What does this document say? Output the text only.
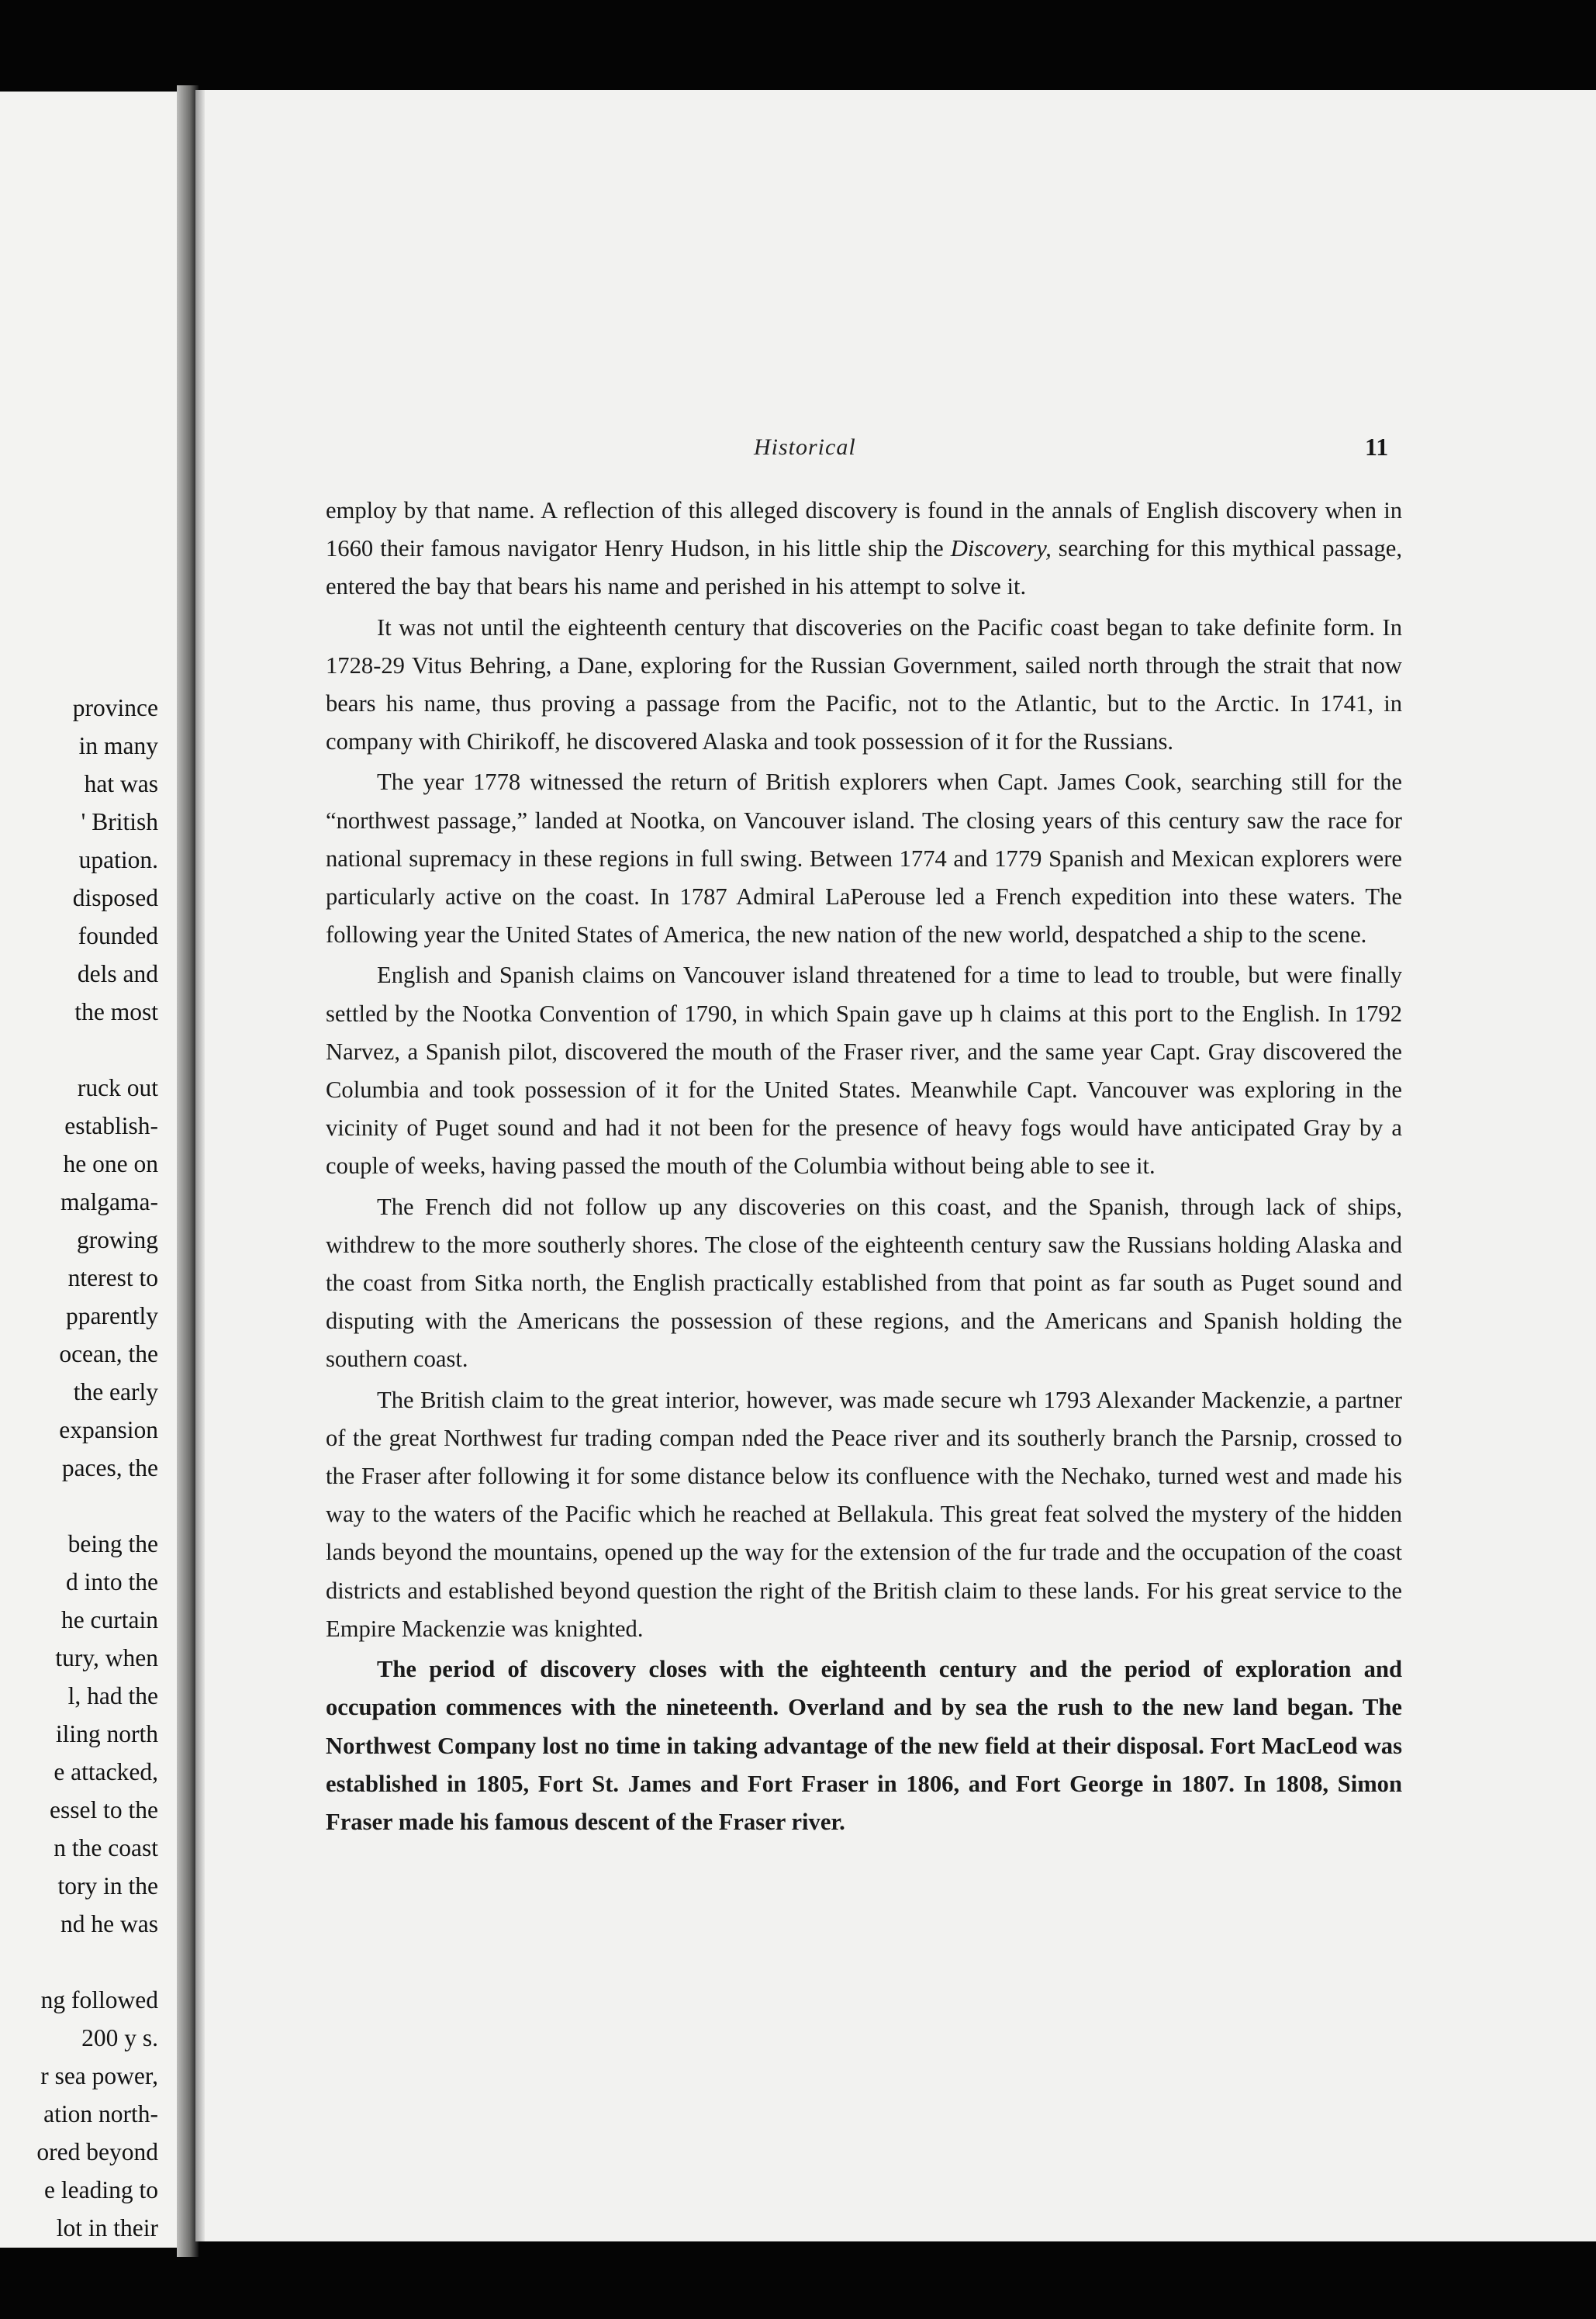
province
in many
hat was
' British
upation.
disposed
founded
dels and
the most
ruck out
establish-
he one on
malgama-
growing
nterest to
pparently
ocean, the
the early
expansion
paces, the
being the
d into the
he curtain
tury, when
l, had the
iling north
e attacked,
essel to the
n the coast
tory in the
nd he was
ng followed
200 y s.
r sea power,
ation north-
ored beyond
e leading to
lot in their
Historical	11

employ by that name. A reflection of this alleged discovery is found in the annals of English discovery when in 1660 their famous navigator Henry Hudson, in his little ship the Discovery, searching for this mythical passage, entered the bay that bears his name and perished in his attempt to solve it.

It was not until the eighteenth century that discoveries on the Pacific coast began to take definite form. In 1728-29 Vitus Behring, a Dane, exploring for the Russian Government, sailed north through the strait that now bears his name, thus proving a passage from the Pacific, not to the Atlantic, but to the Arctic. In 1741, in company with Chirikoff, he discovered Alaska and took possession of it for the Russians.

The year 1778 witnessed the return of British explorers when Capt. James Cook, searching still for the “northwest passage,” landed at Nootka, on Vancouver island. The closing years of this century saw the race for national supremacy in these regions in full swing. Between 1774 and 1779 Spanish and Mexican explorers were particularly active on the coast. In 1787 Admiral LaPerouse led a French expedition into these waters. The following year the United States of America, the new nation of the new world, despatched a ship to the scene.

English and Spanish claims on Vancouver island threatened for a time to lead to trouble, but were finally settled by the Nootka Convention of 1790, in which Spain gave up h claims at this port to the English. In 1792 Narvez, a Spanish pilot, discovered the mouth of the Fraser river, and the same year Capt. Gray discovered the Columbia and took possession of it for the United States. Meanwhile Capt. Vancouver was exploring in the vicinity of Puget sound and had it not been for the presence of heavy fogs would have anticipated Gray by a couple of weeks, having passed the mouth of the Columbia without being able to see it.

The French did not follow up any discoveries on this coast, and the Spanish, through lack of ships, withdrew to the more southerly shores. The close of the eighteenth century saw the Russians holding Alaska and the coast from Sitka north, the English practically established from that point as far south as Puget sound and disputing with the Americans the possession of these regions, and the Americans and Spanish holding the southern coast.

The British claim to the great interior, however, was made secure wh 1793 Alexander Mackenzie, a partner of the great Northwest fur trading compan nded the Peace river and its southerly branch the Parsnip, crossed to the Fraser after following it for some distance below its confluence with the Nechako, turned west and made his way to the waters of the Pacific which he reached at Bellakula. This great feat solved the mystery of the hidden lands beyond the mountains, opened up the way for the extension of the fur trade and the occupation of the coast districts and established beyond question the right of the British claim to these lands. For his great service to the Empire Mackenzie was knighted.

The period of discovery closes with the eighteenth century and the period of exploration and occupation commences with the nineteenth. Overland and by sea the rush to the new land began. The Northwest Company lost no time in taking advantage of the new field at their disposal. Fort MacLeod was established in 1805, Fort St. James and Fort Fraser in 1806, and Fort George in 1807. In 1808, Simon Fraser made his famous descent of the Fraser river.
